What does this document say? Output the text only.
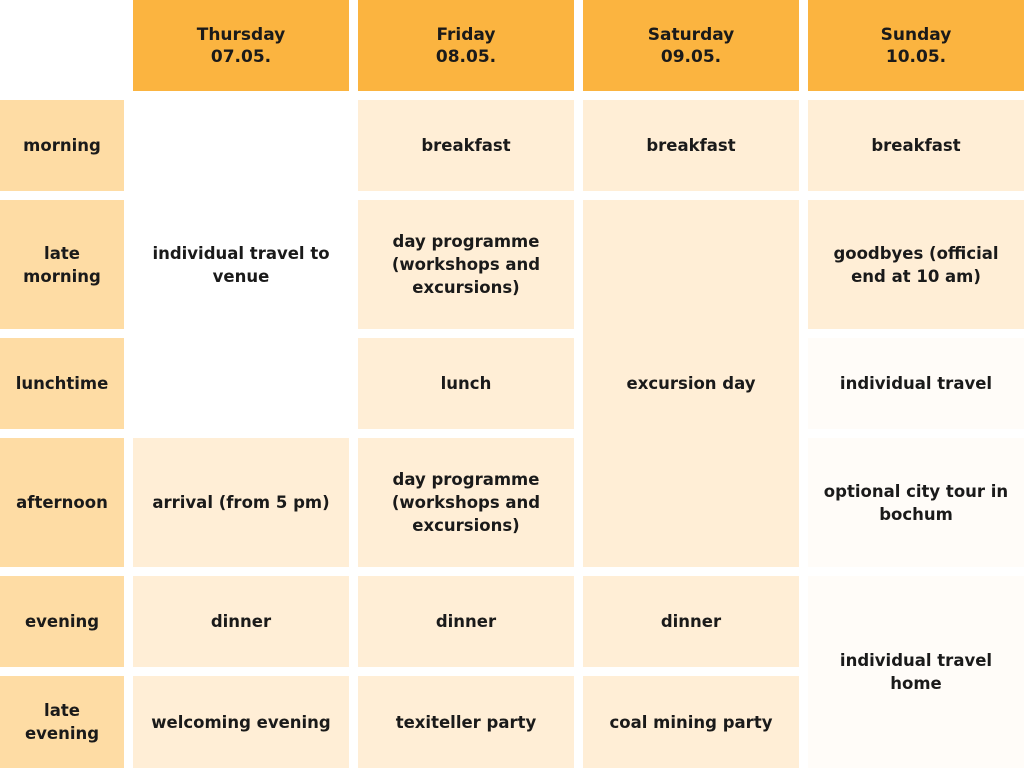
Thursday
07.05.
Friday
08.05.
Saturday
09.05.
Sunday
10.05.
morning
late
morning
lunchtime
afternoon
evening
late
evening
individual travel to venue
arrival (from 5 pm)
dinner
welcoming evening
breakfast
day programme (workshops and excursions)
lunch
day programme (workshops and excursions)
dinner
texiteller party
breakfast
excursion day
dinner
coal mining party
breakfast
goodbyes (official end at 10 am)
individual travel
optional city tour in bochum
individual travel home
